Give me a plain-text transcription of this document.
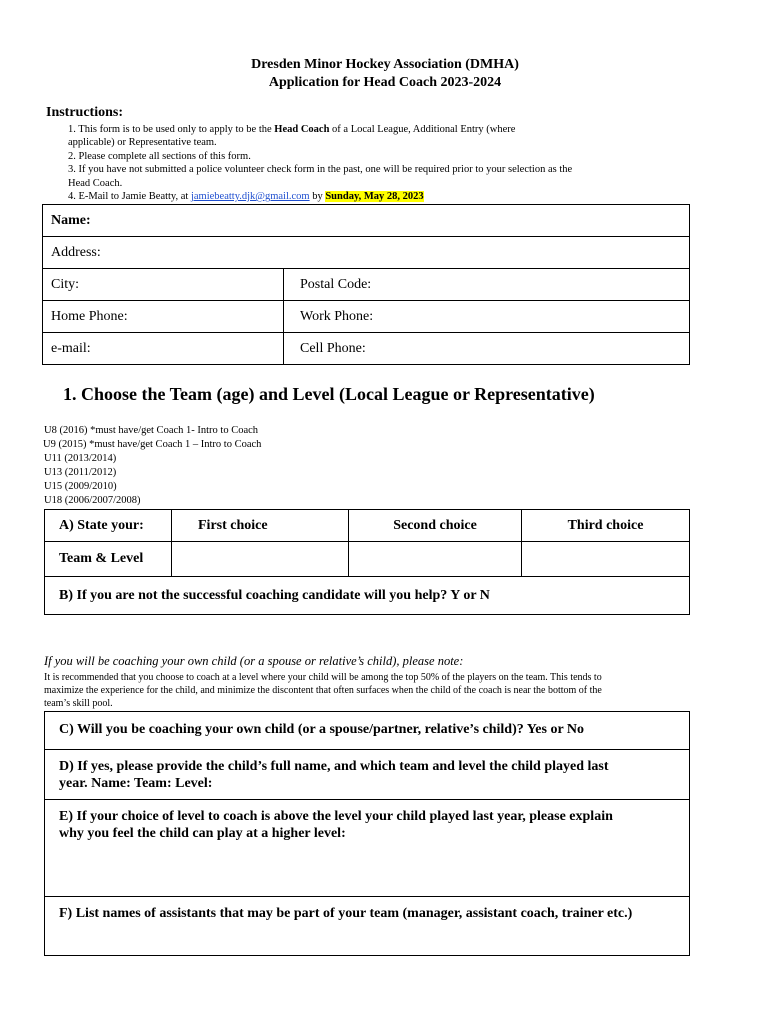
Dresden Minor Hockey Association (DMHA)
Application for Head Coach 2023-2024
Instructions:
1. This form is to be used only to apply to be the Head Coach of a Local League, Additional Entry (where
applicable) or Representative team.
2. Please complete all sections of this form.
3. If you have not submitted a police volunteer check form in the past, one will be required prior to your selection as the
Head Coach.
4. E-Mail to Jamie Beatty, at jamiebeatty.djk@gmail.com by Sunday, May 28, 2023
Name:	
Address:	
City:	Postal Code:
Home Phone:	Work Phone:
e-mail:	Cell Phone:
1. Choose the Team (age) and Level (Local League or Representative)
U8 (2016) *must have/get Coach 1- Intro to Coach
U9 (2015) *must have/get Coach 1 – Intro to Coach
U11 (2013/2014)
U13 (2011/2012)
U15 (2009/2010)
U18 (2006/2007/2008)
A) State your:	First choice	Second choice	Third choice
Team & Level			
B) If you are not the successful coaching candidate will you help? Y or N			
If you will be coaching your own child (or a spouse or relative’s child), please note:
It is recommended that you choose to coach at a level where your child will be among the top 50% of the players on the team. This tends to
maximize the experience for the child, and minimize the discontent that often surfaces when the child of the coach is near the bottom of the
team’s skill pool.
C) Will you be coaching your own child (or a spouse/partner, relative’s child)? Yes or No
D) If yes, please provide the child’s full name, and which team and level the child played last
year. Name: Team: Level:
E) If your choice of level to coach is above the level your child played last year, please explain
why you feel the child can play at a higher level:
F) List names of assistants that may be part of your team (manager, assistant coach, trainer etc.)
